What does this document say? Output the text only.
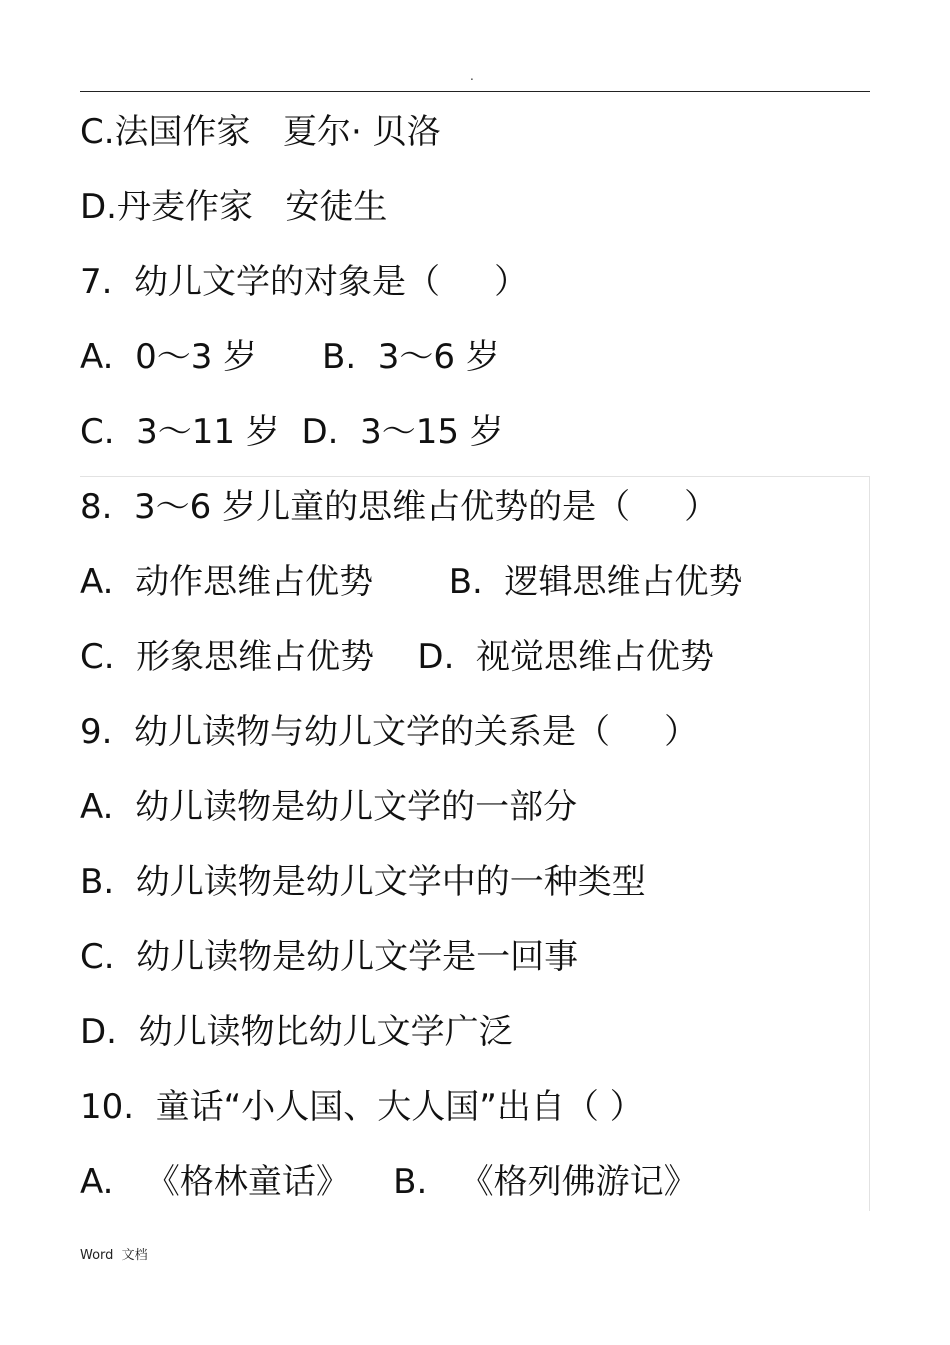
.
C.法国作家   夏尔· 贝洛
D.丹麦作家   安徒生
7.  幼儿文学的对象是（     ）
A.  0～3 岁      B.  3～6 岁
C.  3～11 岁  D.  3～15 岁
8.  3～6 岁儿童的思维占优势的是（     ）
A.  动作思维占优势       B.  逻辑思维占优势
C.  形象思维占优势    D.  视觉思维占优势
9.  幼儿读物与幼儿文学的关系是（     ）
A.  幼儿读物是幼儿文学的一部分
B.  幼儿读物是幼儿文学中的一种类型
C.  幼儿读物是幼儿文学是一回事
D.  幼儿读物比幼儿文学广泛
10.  童话“小人国、大人国”出自（ ）
A.   《格林童话》    B.   《格列佛游记》
Word  文档
